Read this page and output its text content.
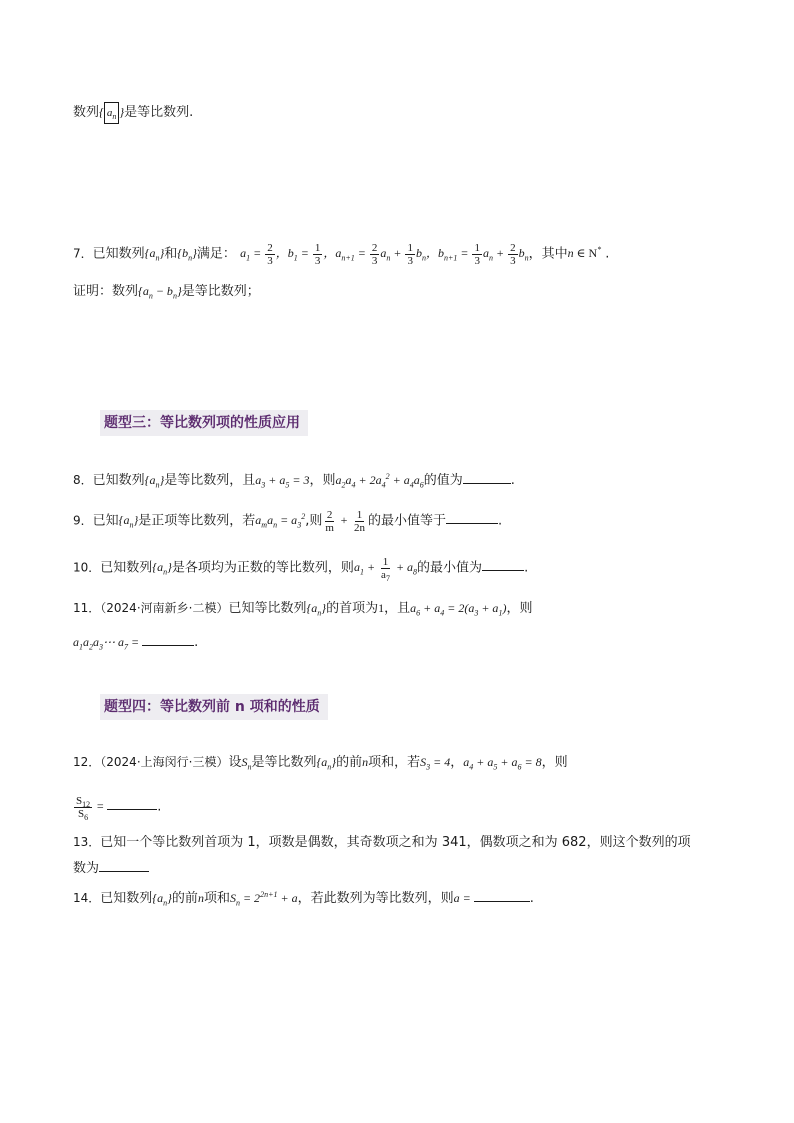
数列{ $a_n$ }是等比数列.
7．已知数列$\{a_n\}$和$\{b_n\}$满足： $a_1 = \frac{2}{3}$ ，$b_1 = \frac{1}{3}$ ，$a_{n+1} = \frac{2}{3} a_n + \frac{1}{3} b_n$，$b_{n+1} = \frac{1}{3} a_n + \frac{2}{3} b_n$，其中n ∈ N* .
证明：数列$\{a_n - b_n\}$是等比数列；
题型三：等比数列项的性质应用
8．已知数列$\{a_n\}$是等比数列，且$a_3 + a_5 = 3$，则$a_2a_4 + 2a_4^2 + a_4a_6$的值为	.
9．已知$\{a_n\}$是正项等比数列，若$a_ma_n = a_3^2$,则 $\frac{2}{m} + \frac{1}{2n}$ 的最小值等于	.
10．已知数列$\{a_n\}$是各项均为正数的等比数列，则$a_1 + \frac{1}{a_7} + a_8$的最小值为	.
11．（2024·河南新乡·二模）已知等比数列$\{a_n\}$的首项为1，且$a_6 + a_4 = 2(a_3 + a_1)$，则
$a_1a_2a_3\cdots$ $a_7$ =	.
题型四：等比数列前 n 项和的性质
12．（2024·上海闵行·三模）设$S_n$是等比数列$\{a_n\}$的前n项和，若$S_3 = 4$，$a_4 + a_5 + a_6 = 8$，则
$\frac{S_{12}}{S_6}$ =	.
13．已知一个等比数列首项为 1，项数是偶数，其奇数项之和为 341，偶数项之和为 682，则这个数列的项
数为
14．已知数列$\{a_n\}$的前n项和$S_n = 2^{2n+1} + a$，若此数列为等比数列，则a =	.
